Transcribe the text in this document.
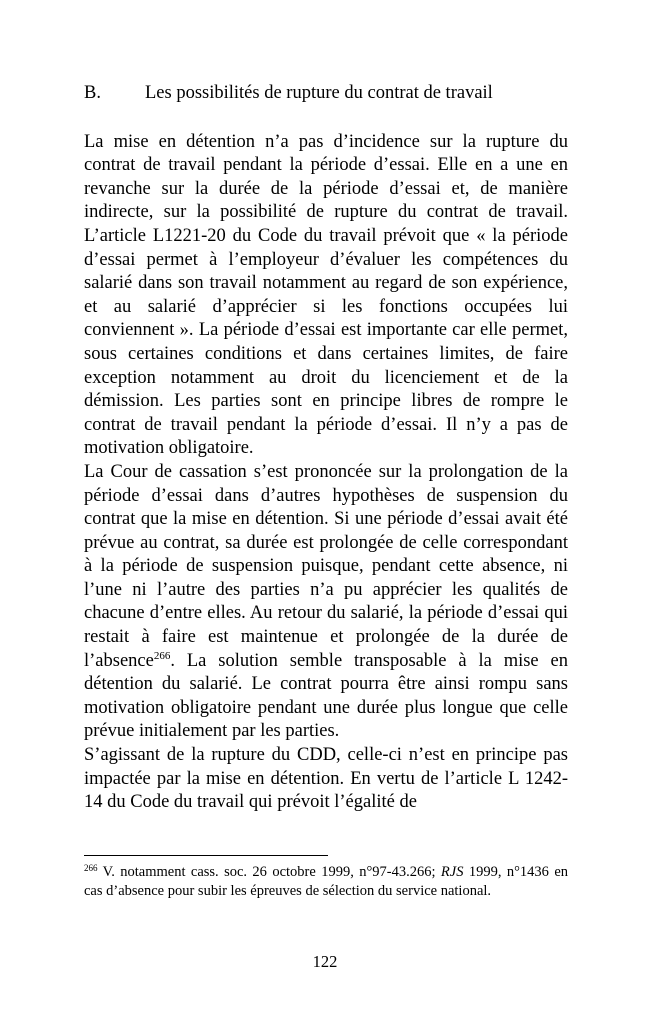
B. Les possibilités de rupture du contrat de travail

La mise en détention n’a pas d’incidence sur la rupture du contrat de travail pendant la période d’essai. Elle en a une en revanche sur la durée de la période d’essai et, de manière indirecte, sur la possibilité de rupture du contrat de travail. L’article L1221-20 du Code du travail prévoit que « la période d’essai permet à l’employeur d’évaluer les compétences du salarié dans son travail notamment au regard de son expérience, et au salarié d’apprécier si les fonctions occupées lui conviennent ». La période d’essai est importante car elle permet, sous certaines conditions et dans certaines limites, de faire exception notamment au droit du licenciement et de la démission. Les parties sont en principe libres de rompre le contrat de travail pendant la période d’essai. Il n’y a pas de motivation obligatoire.

La Cour de cassation s’est prononcée sur la prolongation de la période d’essai dans d’autres hypothèses de suspension du contrat que la mise en détention. Si une période d’essai avait été prévue au contrat, sa durée est prolongée de celle correspondant à la période de suspension puisque, pendant cette absence, ni l’une ni l’autre des parties n’a pu apprécier les qualités de chacune d’entre elles. Au retour du salarié, la période d’essai qui restait à faire est maintenue et prolongée de la durée de l’absence$^{266}$. La solution semble transposable à la mise en détention du salarié. Le contrat pourra être ainsi rompu sans motivation obligatoire pendant une durée plus longue que celle prévue initialement par les parties.

S’agissant de la rupture du CDD, celle-ci n’est en principe pas impactée par la mise en détention. En vertu de l’article L 1242-14 du Code du travail qui prévoit l’égalité de

$^{266}$ V. notamment cass. soc. 26 octobre 1999, n°97-43.266; RJS 1999, n°1436 en cas d’absence pour subir les épreuves de sélection du service national.

122
